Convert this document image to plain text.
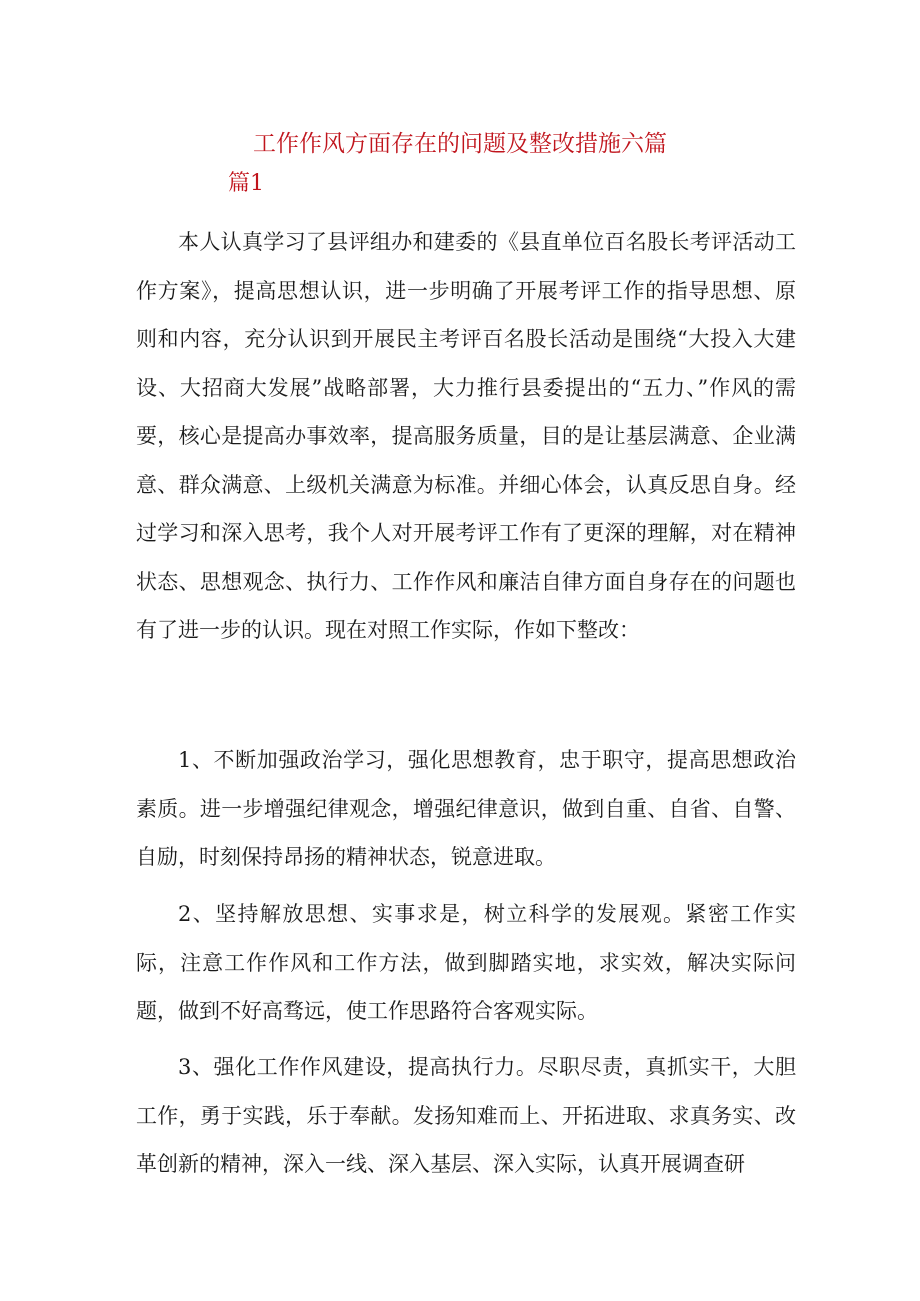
工作作风方面存在的问题及整改措施六篇
篇1

本人认真学习了县评组办和建委的《县直单位百名股长考评活动工作方案》，提高思想认识，进一步明确了开展考评工作的指导思想、原则和内容，充分认识到开展民主考评百名股长活动是围绕“大投入大建设、大招商大发展”战略部署，大力推行县委提出的“五力、”作风的需要，核心是提高办事效率，提高服务质量，目的是让基层满意、企业满意、群众满意、上级机关满意为标准。并细心体会，认真反思自身。经过学习和深入思考，我个人对开展考评工作有了更深的理解，对在精神状态、思想观念、执行力、工作作风和廉洁自律方面自身存在的问题也有了进一步的认识。现在对照工作实际，作如下整改：

1、不断加强政治学习，强化思想教育，忠于职守，提高思想政治素质。进一步增强纪律观念，增强纪律意识，做到自重、自省、自警、自励，时刻保持昂扬的精神状态，锐意进取。

2、坚持解放思想、实事求是，树立科学的发展观。紧密工作实际，注意工作作风和工作方法，做到脚踏实地，求实效，解决实际问题，做到不好高骛远，使工作思路符合客观实际。

3、强化工作作风建设，提高执行力。尽职尽责，真抓实干，大胆工作，勇于实践，乐于奉献。发扬知难而上、开拓进取、求真务实、改革创新的精神，深入一线、深入基层、深入实际，认真开展调查研
